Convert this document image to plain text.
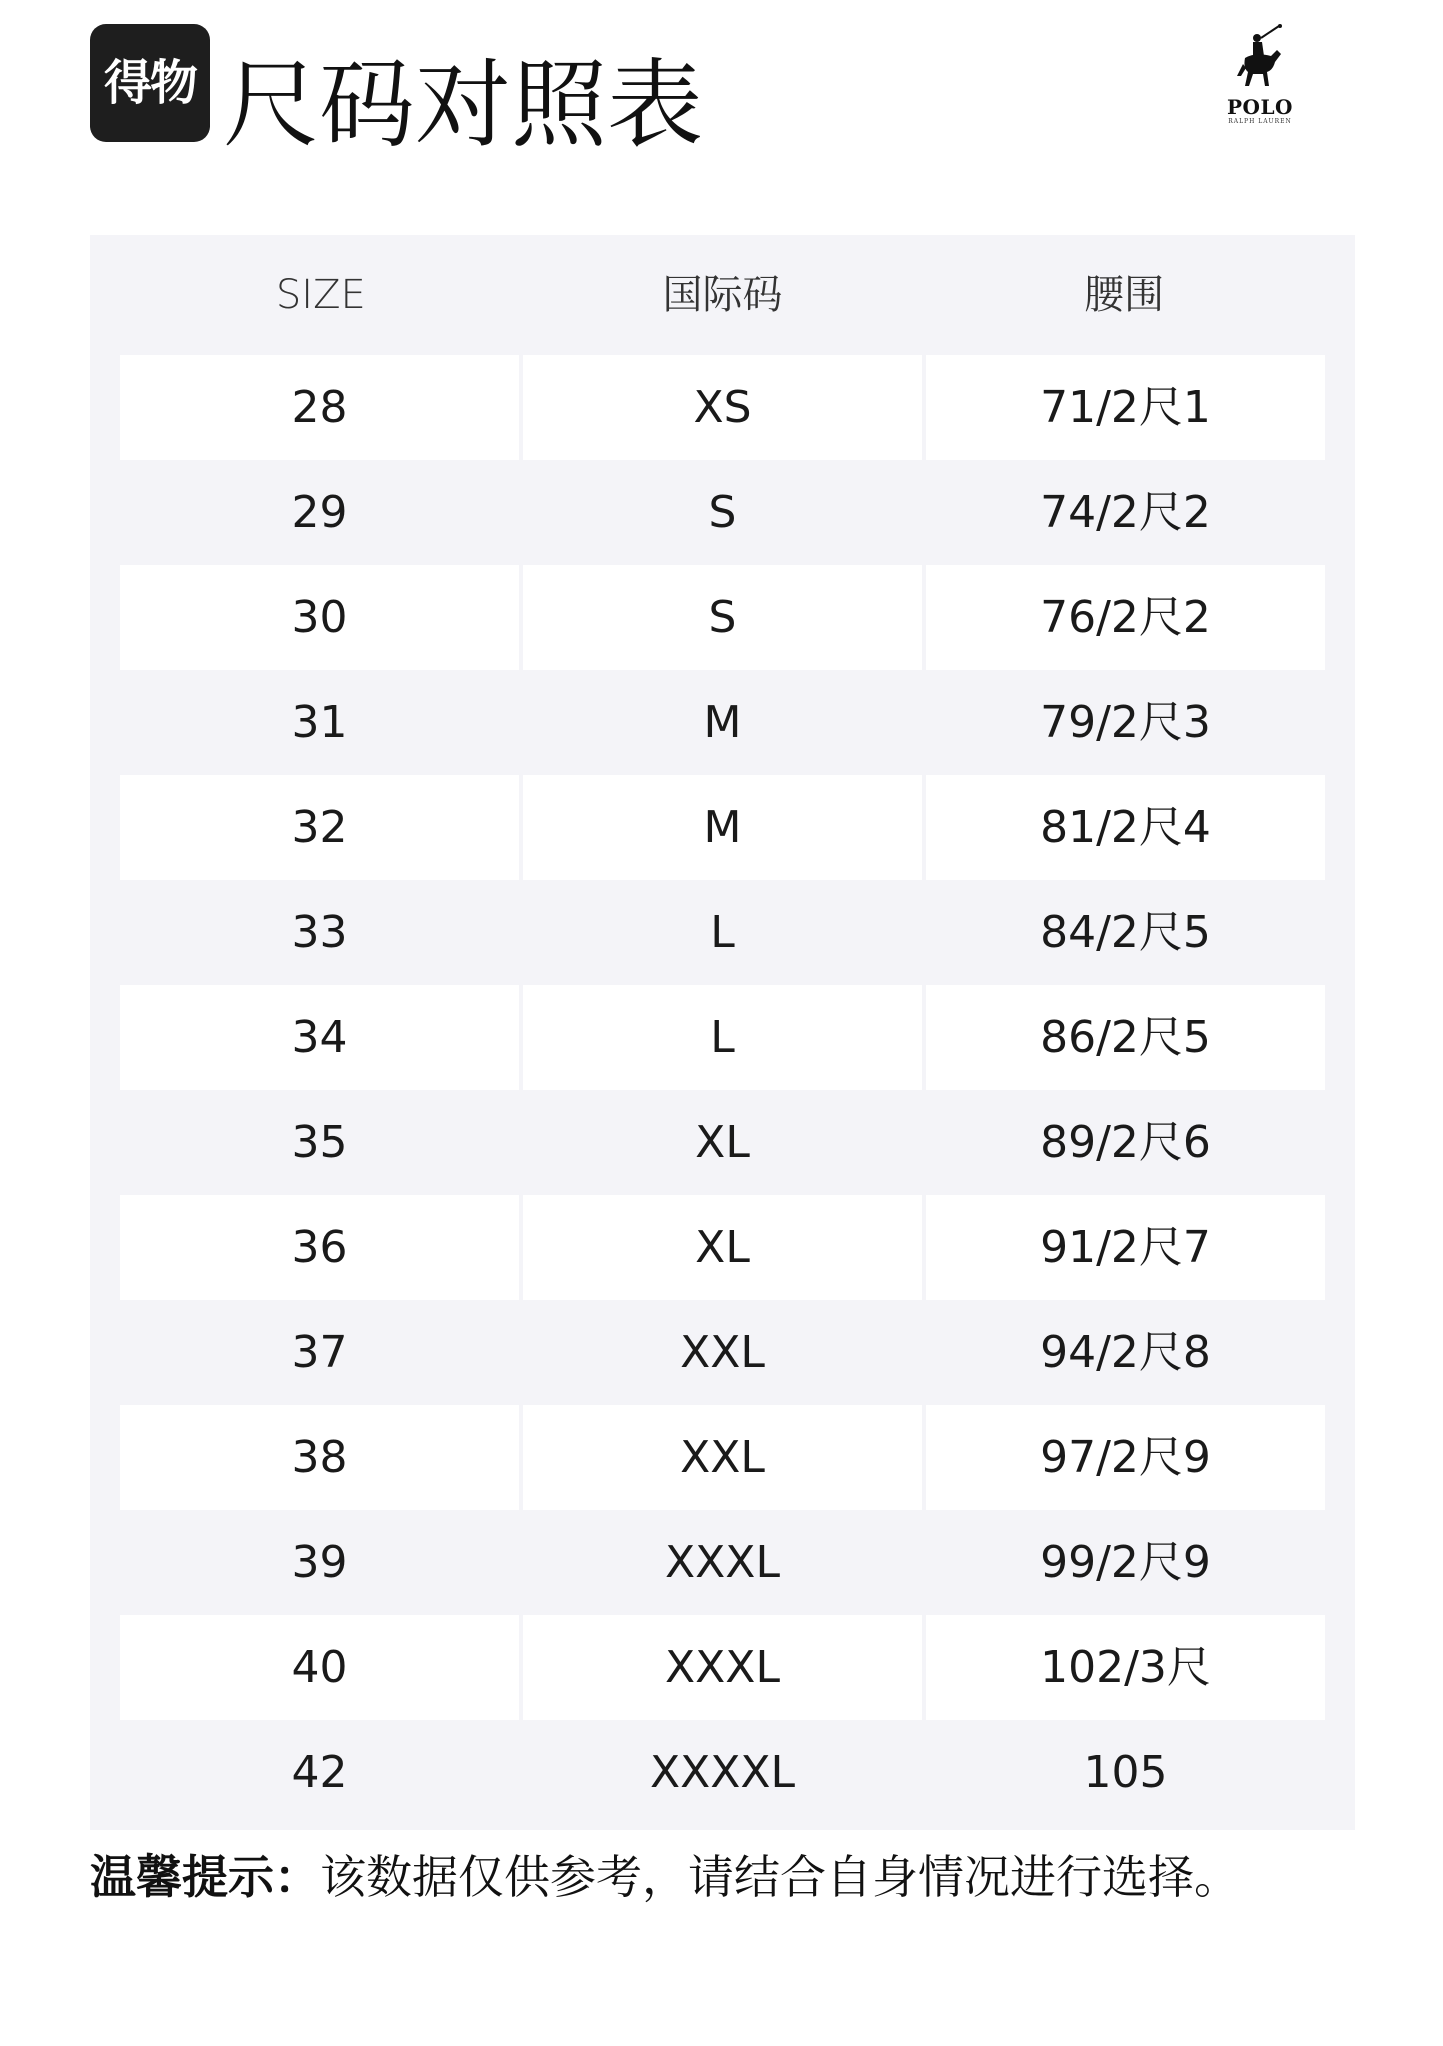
得物 尺码对照表	POLO
RALPH LAUREN
SIZE	国际码	腰围
28	XS	71/2尺1
29	S	74/2尺2
30	S	76/2尺2
31	M	79/2尺3
32	M	81/2尺4
33	L	84/2尺5
34	L	86/2尺5
35	XL	89/2尺6
36	XL	91/2尺7
37	XXL	94/2尺8
38	XXL	97/2尺9
39	XXXL	99/2尺9
40	XXXL	102/3尺
42	XXXXL	105
温馨提示：该数据仅供参考，请结合自身情况进行选择。
